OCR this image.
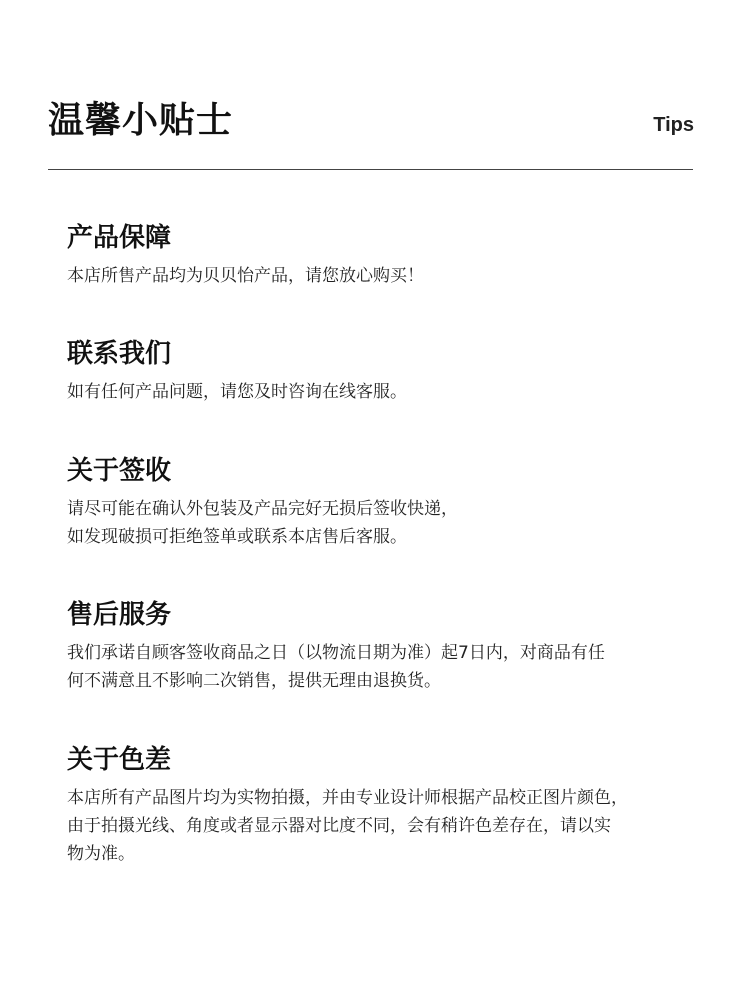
温馨小贴士	Tips
产品保障
本店所售产品均为贝贝怡产品，请您放心购买！
联系我们
如有任何产品问题，请您及时咨询在线客服。
关于签收
请尽可能在确认外包装及产品完好无损后签收快递，
如发现破损可拒绝签单或联系本店售后客服。
售后服务
我们承诺自顾客签收商品之日（以物流日期为准）起7日内，对商品有任
何不满意且不影响二次销售，提供无理由退换货。
关于色差
本店所有产品图片均为实物拍摄，并由专业设计师根据产品校正图片颜色，
由于拍摄光线、角度或者显示器对比度不同，会有稍许色差存在，请以实
物为准。
